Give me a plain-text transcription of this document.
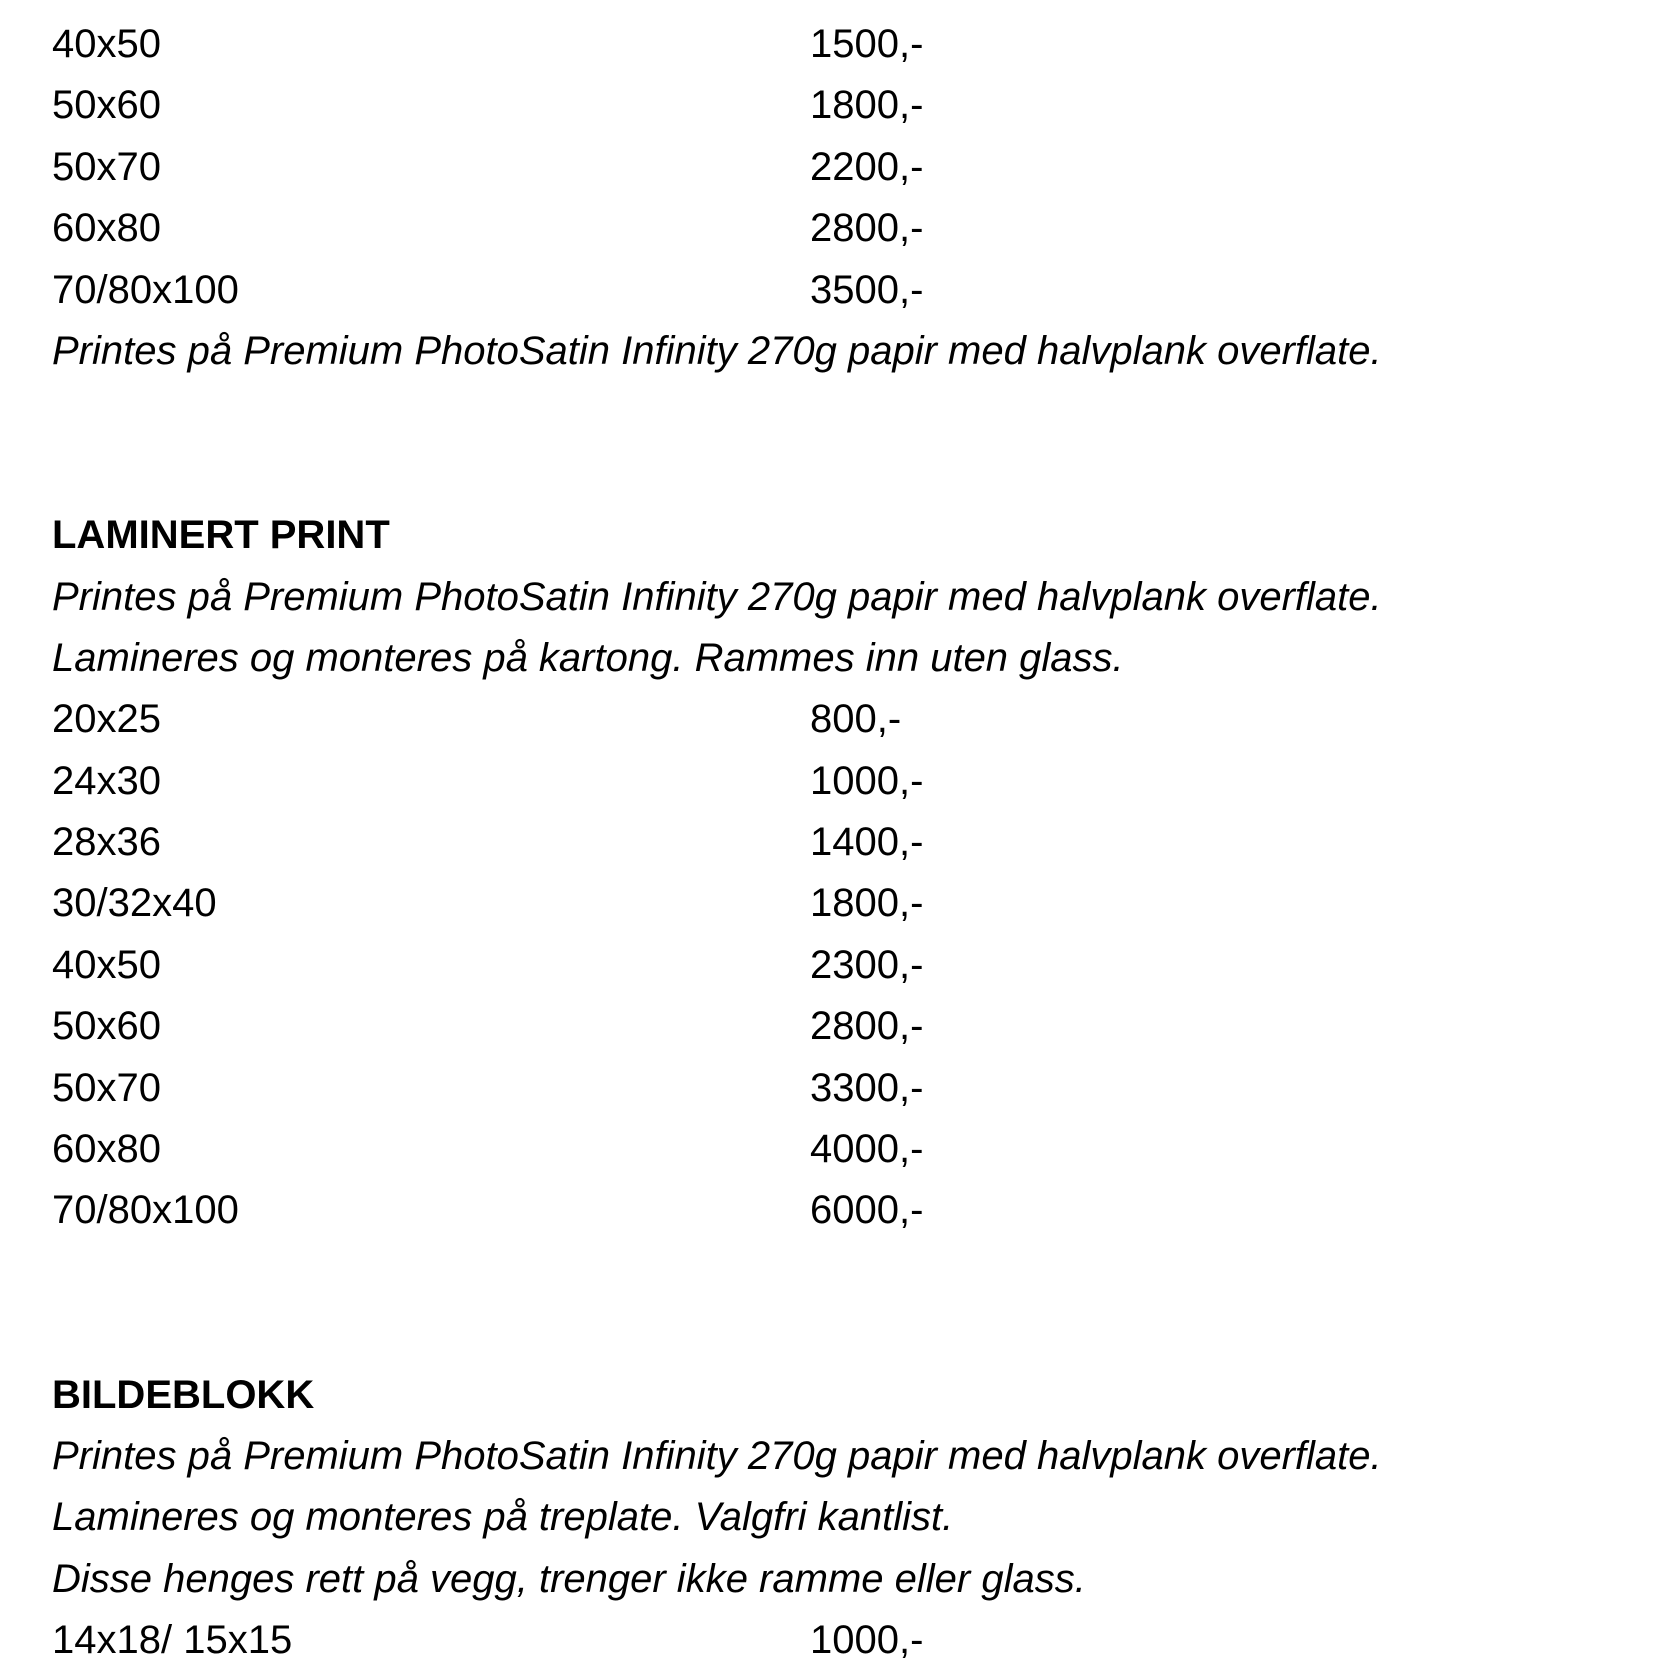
40x50	1500,-
50x60	1800,-
50x70	2200,-
60x80	2800,-
70/80x100	3500,-
Printes på Premium PhotoSatin Infinity 270g papir med halvplank overflate.
LAMINERT PRINT
Printes på Premium PhotoSatin Infinity 270g papir med halvplank overflate.
Lamineres og monteres på kartong. Rammes inn uten glass.
20x25	800,-
24x30	1000,-
28x36	1400,-
30/32x40	1800,-
40x50	2300,-
50x60	2800,-
50x70	3300,-
60x80	4000,-
70/80x100	6000,-
BILDEBLOKK
Printes på Premium PhotoSatin Infinity 270g papir med halvplank overflate.
Lamineres og monteres på treplate. Valgfri kantlist.
Disse henges rett på vegg, trenger ikke ramme eller glass.
14x18/ 15x15	1000,-
